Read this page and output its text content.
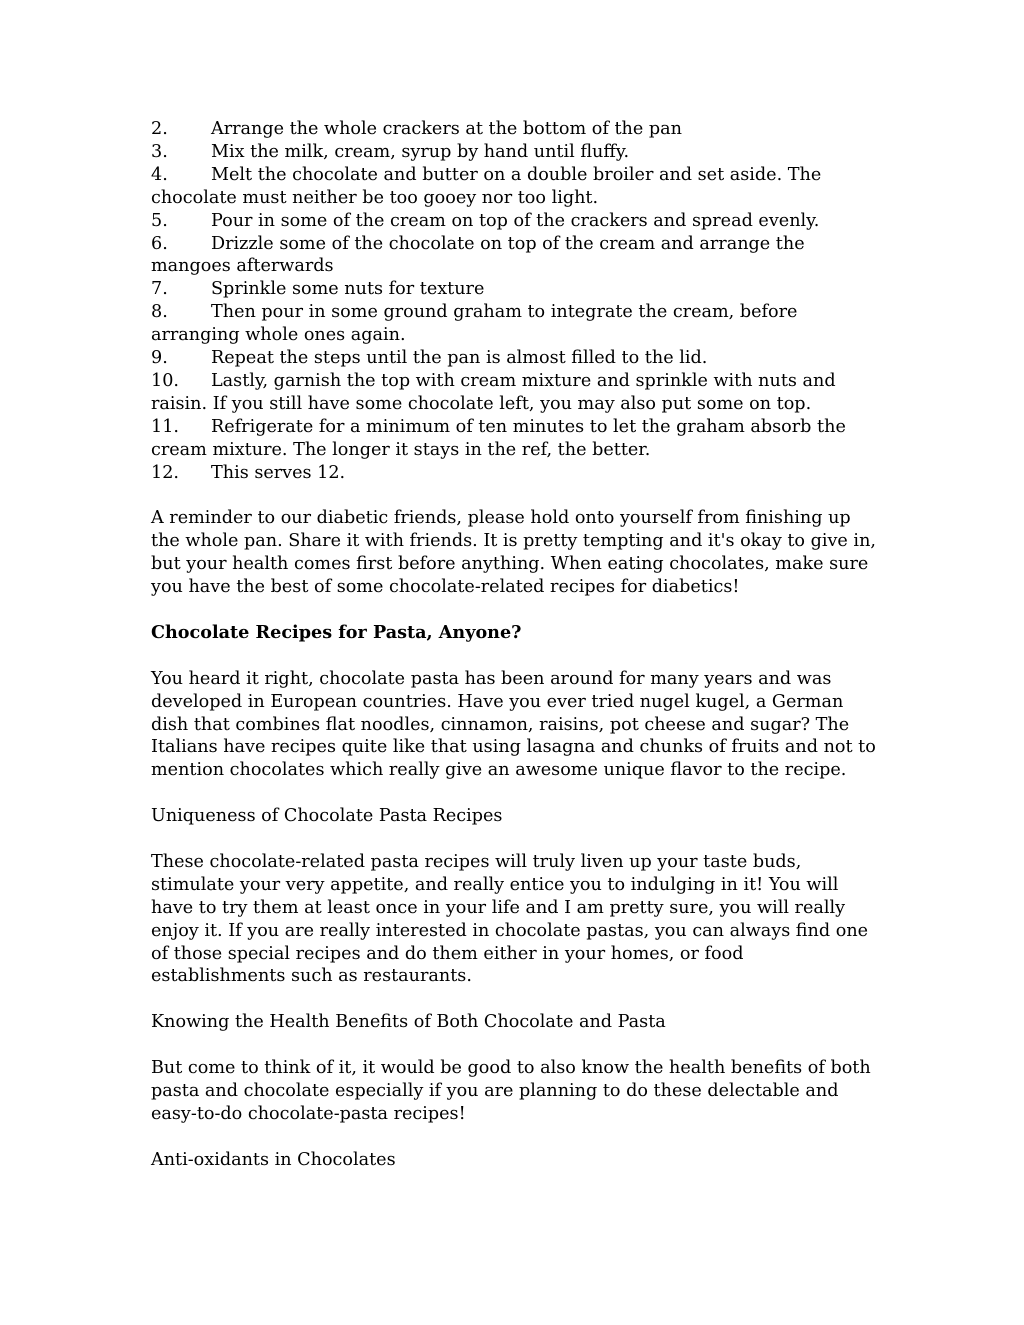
2. Arrange the whole crackers at the bottom of the pan

3. Mix the milk, cream, syrup by hand until fluffy.

4. Melt the chocolate and butter on a double broiler and set aside. The chocolate must neither be too gooey nor too light.

5. Pour in some of the cream on top of the crackers and spread evenly.

6. Drizzle some of the chocolate on top of the cream and arrange the mangoes afterwards

7. Sprinkle some nuts for texture

8. Then pour in some ground graham to integrate the cream, before arranging whole ones again.

9. Repeat the steps until the pan is almost filled to the lid.

10. Lastly, garnish the top with cream mixture and sprinkle with nuts and raisin. If you still have some chocolate left, you may also put some on top.

11. Refrigerate for a minimum of ten minutes to let the graham absorb the cream mixture. The longer it stays in the ref, the better.

12. This serves 12.

A reminder to our diabetic friends, please hold onto yourself from finishing up the whole pan. Share it with friends. It is pretty tempting and it's okay to give in, but your health comes first before anything. When eating chocolates, make sure you have the best of some chocolate-related recipes for diabetics!

Chocolate Recipes for Pasta, Anyone?

You heard it right, chocolate pasta has been around for many years and was developed in European countries. Have you ever tried nugel kugel, a German dish that combines flat noodles, cinnamon, raisins, pot cheese and sugar? The Italians have recipes quite like that using lasagna and chunks of fruits and not to mention chocolates which really give an awesome unique flavor to the recipe.

Uniqueness of Chocolate Pasta Recipes

These chocolate-related pasta recipes will truly liven up your taste buds, stimulate your very appetite, and really entice you to indulging in it! You will have to try them at least once in your life and I am pretty sure, you will really enjoy it. If you are really interested in chocolate pastas, you can always find one of those special recipes and do them either in your homes, or food establishments such as restaurants.

Knowing the Health Benefits of Both Chocolate and Pasta

But come to think of it, it would be good to also know the health benefits of both pasta and chocolate especially if you are planning to do these delectable and easy-to-do chocolate-pasta recipes!

Anti-oxidants in Chocolates
